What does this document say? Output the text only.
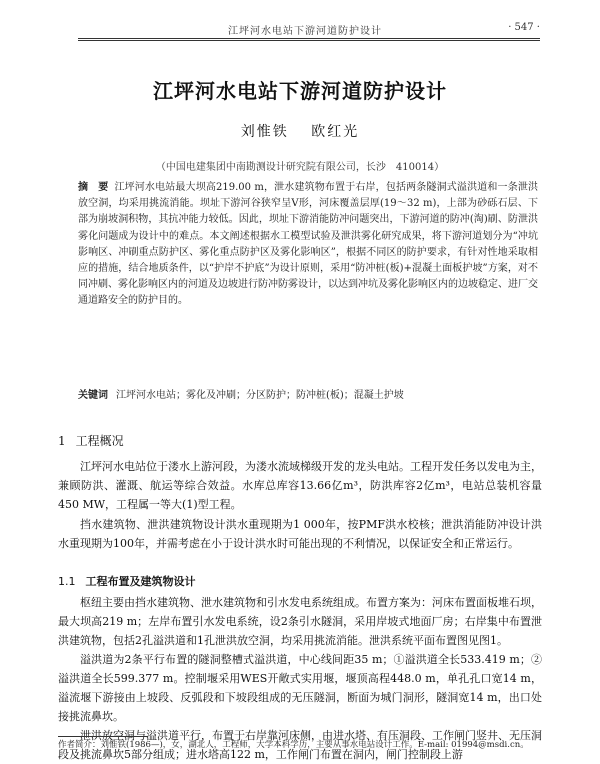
江坪河水电站下游河道防护设计	· 547 ·
江坪河水电站下游河道防护设计
刘惟铁　 欧红光
（中国电建集团中南勘测设计研究院有限公司，长沙　410014）
摘　要 江坪河水电站最大坝高219.00 m，泄水建筑物布置于右岸，包括两条隧洞式溢洪道和一条泄洪放空洞，均采用挑流消能。坝址下游河谷狭窄呈V形，河床覆盖层厚(19～32 m)，上部为砂砾石层、下部为崩坡洞积物，其抗冲能力较低。因此，坝址下游消能防冲问题突出，下游河道的防冲(淘)刷、防泄洪雾化问题成为设计中的难点。本文阐述根据水工模型试验及泄洪雾化研究成果，将下游河道划分为“冲坑影响区、冲刷重点防护区、雾化重点防护区及雾化影响区”，根据不同区的防护要求，有针对性地采取相应的措施，结合地质条件，以“护岸不护底”为设计原则，采用“防冲桩(板)+混凝土面板护坡”方案，对不同冲刷、雾化影响区内的河道及边坡进行防冲防雾设计，以达到冲坑及雾化影响区内的边坡稳定、进厂交通道路安全的防护目的。
关键词 江坪河水电站；雾化及冲刷；分区防护；防冲桩(板)；混凝土护坡
1 工程概况

江坪河水电站位于溇水上游河段，为溇水流域梯级开发的龙头电站。工程开发任务以发电为主，兼顾防洪、灌溉、航运等综合效益。水库总库容13.66亿m³，防洪库容2亿m³，电站总装机容量450 MW，工程属一等大(1)型工程。

挡水建筑物、泄洪建筑物设计洪水重现期为1 000年，按PMF洪水校核；泄洪消能防冲设计洪水重现期为100年，并需考虑在小于设计洪水时可能出现的不利情况，以保证安全和正常运行。

1.1 工程布置及建筑物设计

枢纽主要由挡水建筑物、泄水建筑物和引水发电系统组成。布置方案为：河床布置面板堆石坝，最大坝高219 m；左岸布置引水发电系统，设2条引水隧洞，采用岸坡式地面厂房；右岸集中布置泄洪建筑物，包括2孔溢洪道和1孔泄洪放空洞，均采用挑流消能。泄洪系统平面布置图见图1。

溢洪道为2条平行布置的隧洞整槽式溢洪道，中心线间距35 m；①溢洪道全长533.419 m；②溢洪道全长599.377 m。控制堰采用WES开敞式实用堰，堰顶高程448.0 m，单孔孔口宽14 m，溢流堰下游接由上坡段、反弧段和下坡段组成的无压隧洞，断面为城门洞形，隧洞宽14 m，出口处接挑流鼻坎。

泄洪放空洞与溢洪道平行，布置于右岸靠河床侧，由进水塔、有压洞段、工作闸门竖井、无压洞段及挑流鼻坎5部分组成；进水塔高122 m，工作闸门布置在洞内，闸门控制段上游

作者简介：刘惟铁(1986—)，女，湖北人，工程师，大学本科学历，主要从事水电站设计工作。E-mail: 01994@msdi.cn。
